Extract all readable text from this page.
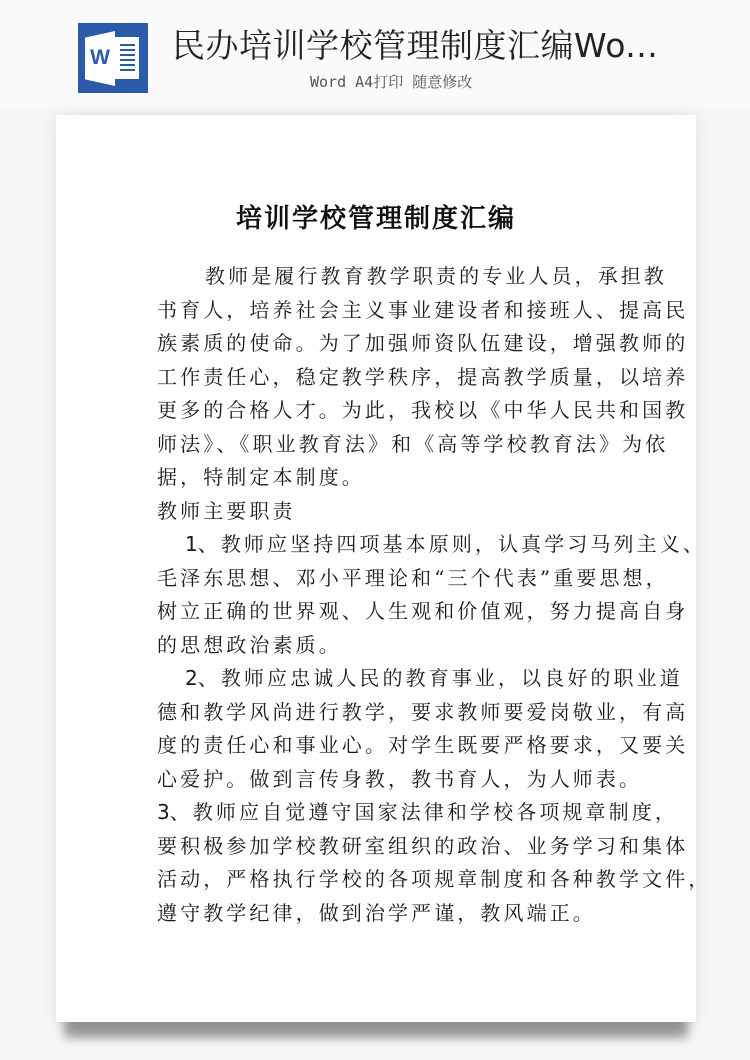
W 民办培训学校管理制度汇编Wo...
Word A4打印 随意修改
培训学校管理制度汇编
教师是履行教育教学职责的专业人员，承担教
书育人，培养社会主义事业建设者和接班人、提高民
族素质的使命。为了加强师资队伍建设，增强教师的
工作责任心，稳定教学秩序，提高教学质量，以培养
更多的合格人才。为此，我校以《中华人民共和国教
师法》、《职业教育法》和《高等学校教育法》为依
据，特制定本制度。
教师主要职责
1、教师应坚持四项基本原则，认真学习马列主义、
毛泽东思想、邓小平理论和“三个代表”重要思想，
树立正确的世界观、人生观和价值观，努力提高自身
的思想政治素质。
2、教师应忠诚人民的教育事业，以良好的职业道
德和教学风尚进行教学，要求教师要爱岗敬业，有高
度的责任心和事业心。对学生既要严格要求，又要关
心爱护。做到言传身教，教书育人，为人师表。
3、教师应自觉遵守国家法律和学校各项规章制度，
要积极参加学校教研室组织的政治、业务学习和集体
活动，严格执行学校的各项规章制度和各种教学文件，
遵守教学纪律，做到治学严谨，教风端正。
